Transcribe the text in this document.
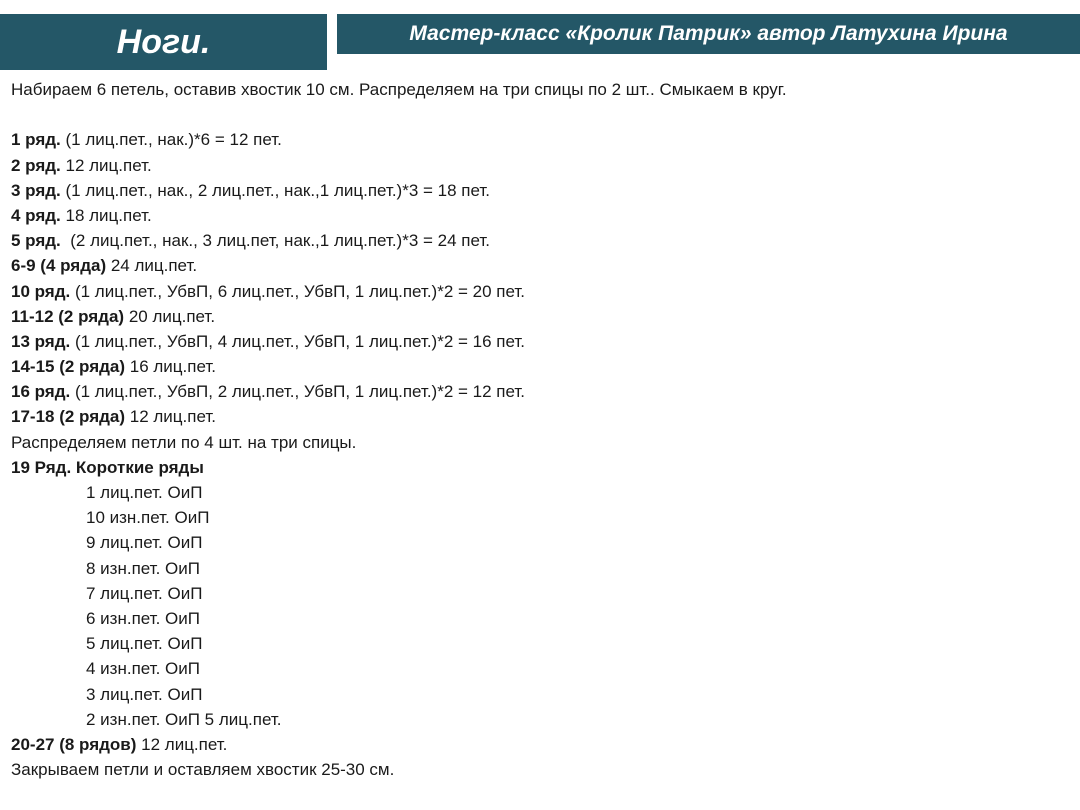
Ноги.	Мастер-класс «Кролик Патрик» автор Латухина Ирина
Набираем 6 петель, оставив хвостик 10 см. Распределяем на три спицы по 2 шт.. Смыкаем в круг.
1 ряд. (1 лиц.пет., нак.)*6 = 12 пет.
2 ряд. 12 лиц.пет.
3 ряд. (1 лиц.пет., нак., 2 лиц.пет., нак.,1 лиц.пет.)*3 = 18 пет.
4 ряд. 18 лиц.пет.
5 ряд.  (2 лиц.пет., нак., 3 лиц.пет, нак.,1 лиц.пет.)*3 = 24 пет.
6-9 (4 ряда) 24 лиц.пет.
10 ряд. (1 лиц.пет., УбвП, 6 лиц.пет., УбвП, 1 лиц.пет.)*2 = 20 пет.
11-12 (2 ряда) 20 лиц.пет.
13 ряд. (1 лиц.пет., УбвП, 4 лиц.пет., УбвП, 1 лиц.пет.)*2 = 16 пет.
14-15 (2 ряда) 16 лиц.пет.
16 ряд. (1 лиц.пет., УбвП, 2 лиц.пет., УбвП, 1 лиц.пет.)*2 = 12 пет.
17-18 (2 ряда) 12 лиц.пет.
Распределяем петли по 4 шт. на три спицы.
19 Ряд. Короткие ряды
1 лиц.пет. ОиП
10 изн.пет. ОиП
9 лиц.пет. ОиП
8 изн.пет. ОиП
7 лиц.пет. ОиП
6 изн.пет. ОиП
5 лиц.пет. ОиП
4 изн.пет. ОиП
3 лиц.пет. ОиП
2 изн.пет. ОиП 5 лиц.пет.
20-27 (8 рядов) 12 лиц.пет.
Закрываем петли и оставляем хвостик 25-30 см.
